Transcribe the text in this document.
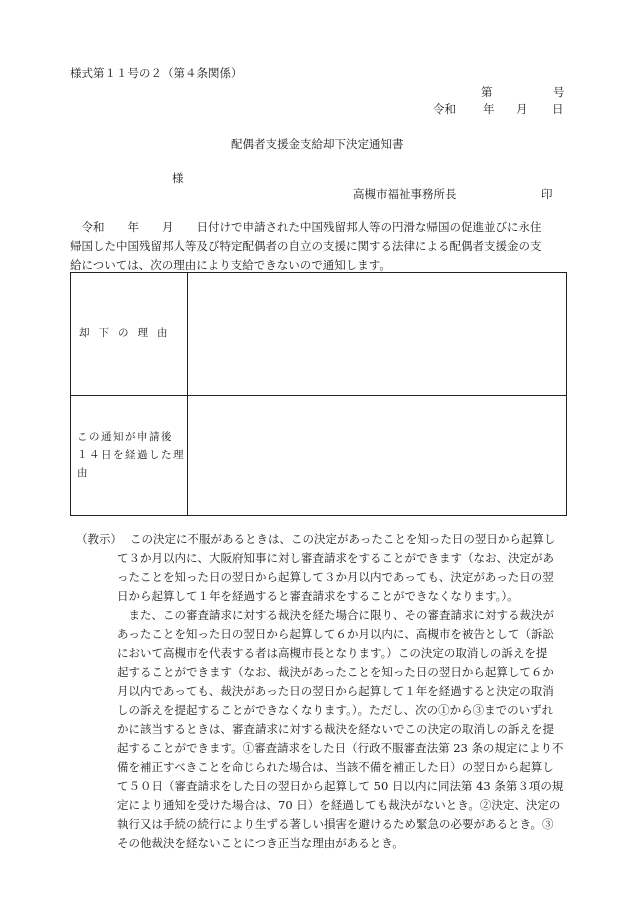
様式第１１号の２（第４条関係）
第	号
令和 年 月 日
配偶者支援金支給却下決定通知書
様
高槻市福祉事務所長	印
　令和　　年　　月　　日付けで申請された中国残留邦人等の円滑な帰国の促進並びに永住
帰国した中国残留邦人等及び特定配偶者の自立の支援に関する法律による配偶者支援金の支
給については、次の理由により支給できないので通知します。
却下の理由
この通知が申請後
１４日を経過した理
由
（教示） この決定に不服があるときは、この決定があったことを知った日の翌日から起算し
て３か月以内に、大阪府知事に対し審査請求をすることができます（なお、決定があ
ったことを知った日の翌日から起算して３か月以内であっても、決定があった日の翌
日から起算して１年を経過すると審査請求をすることができなくなります。）。
　また、この審査請求に対する裁決を経た場合に限り、その審査請求に対する裁決が
あったことを知った日の翌日から起算して６か月以内に、高槻市を被告として（訴訟
において高槻市を代表する者は高槻市長となります。）この決定の取消しの訴えを提
起することができます（なお、裁決があったことを知った日の翌日から起算して６か
月以内であっても、裁決があった日の翌日から起算して１年を経過すると決定の取消
しの訴えを提起することができなくなります。）。ただし、次の①から③までのいずれ
かに該当するときは、審査請求に対する裁決を経ないでこの決定の取消しの訴えを提
起することができます。①審査請求をした日（行政不服審査法第 23 条の規定により不
備を補正すべきことを命じられた場合は、当該不備を補正した日）の翌日から起算し
て５０日（審査請求をした日の翌日から起算して 50 日以内に同法第 43 条第３項の規
定により通知を受けた場合は、70 日）を経過しても裁決がないとき。②決定、決定の
執行又は手続の続行により生ずる著しい損害を避けるため緊急の必要があるとき。③
その他裁決を経ないことにつき正当な理由があるとき。
